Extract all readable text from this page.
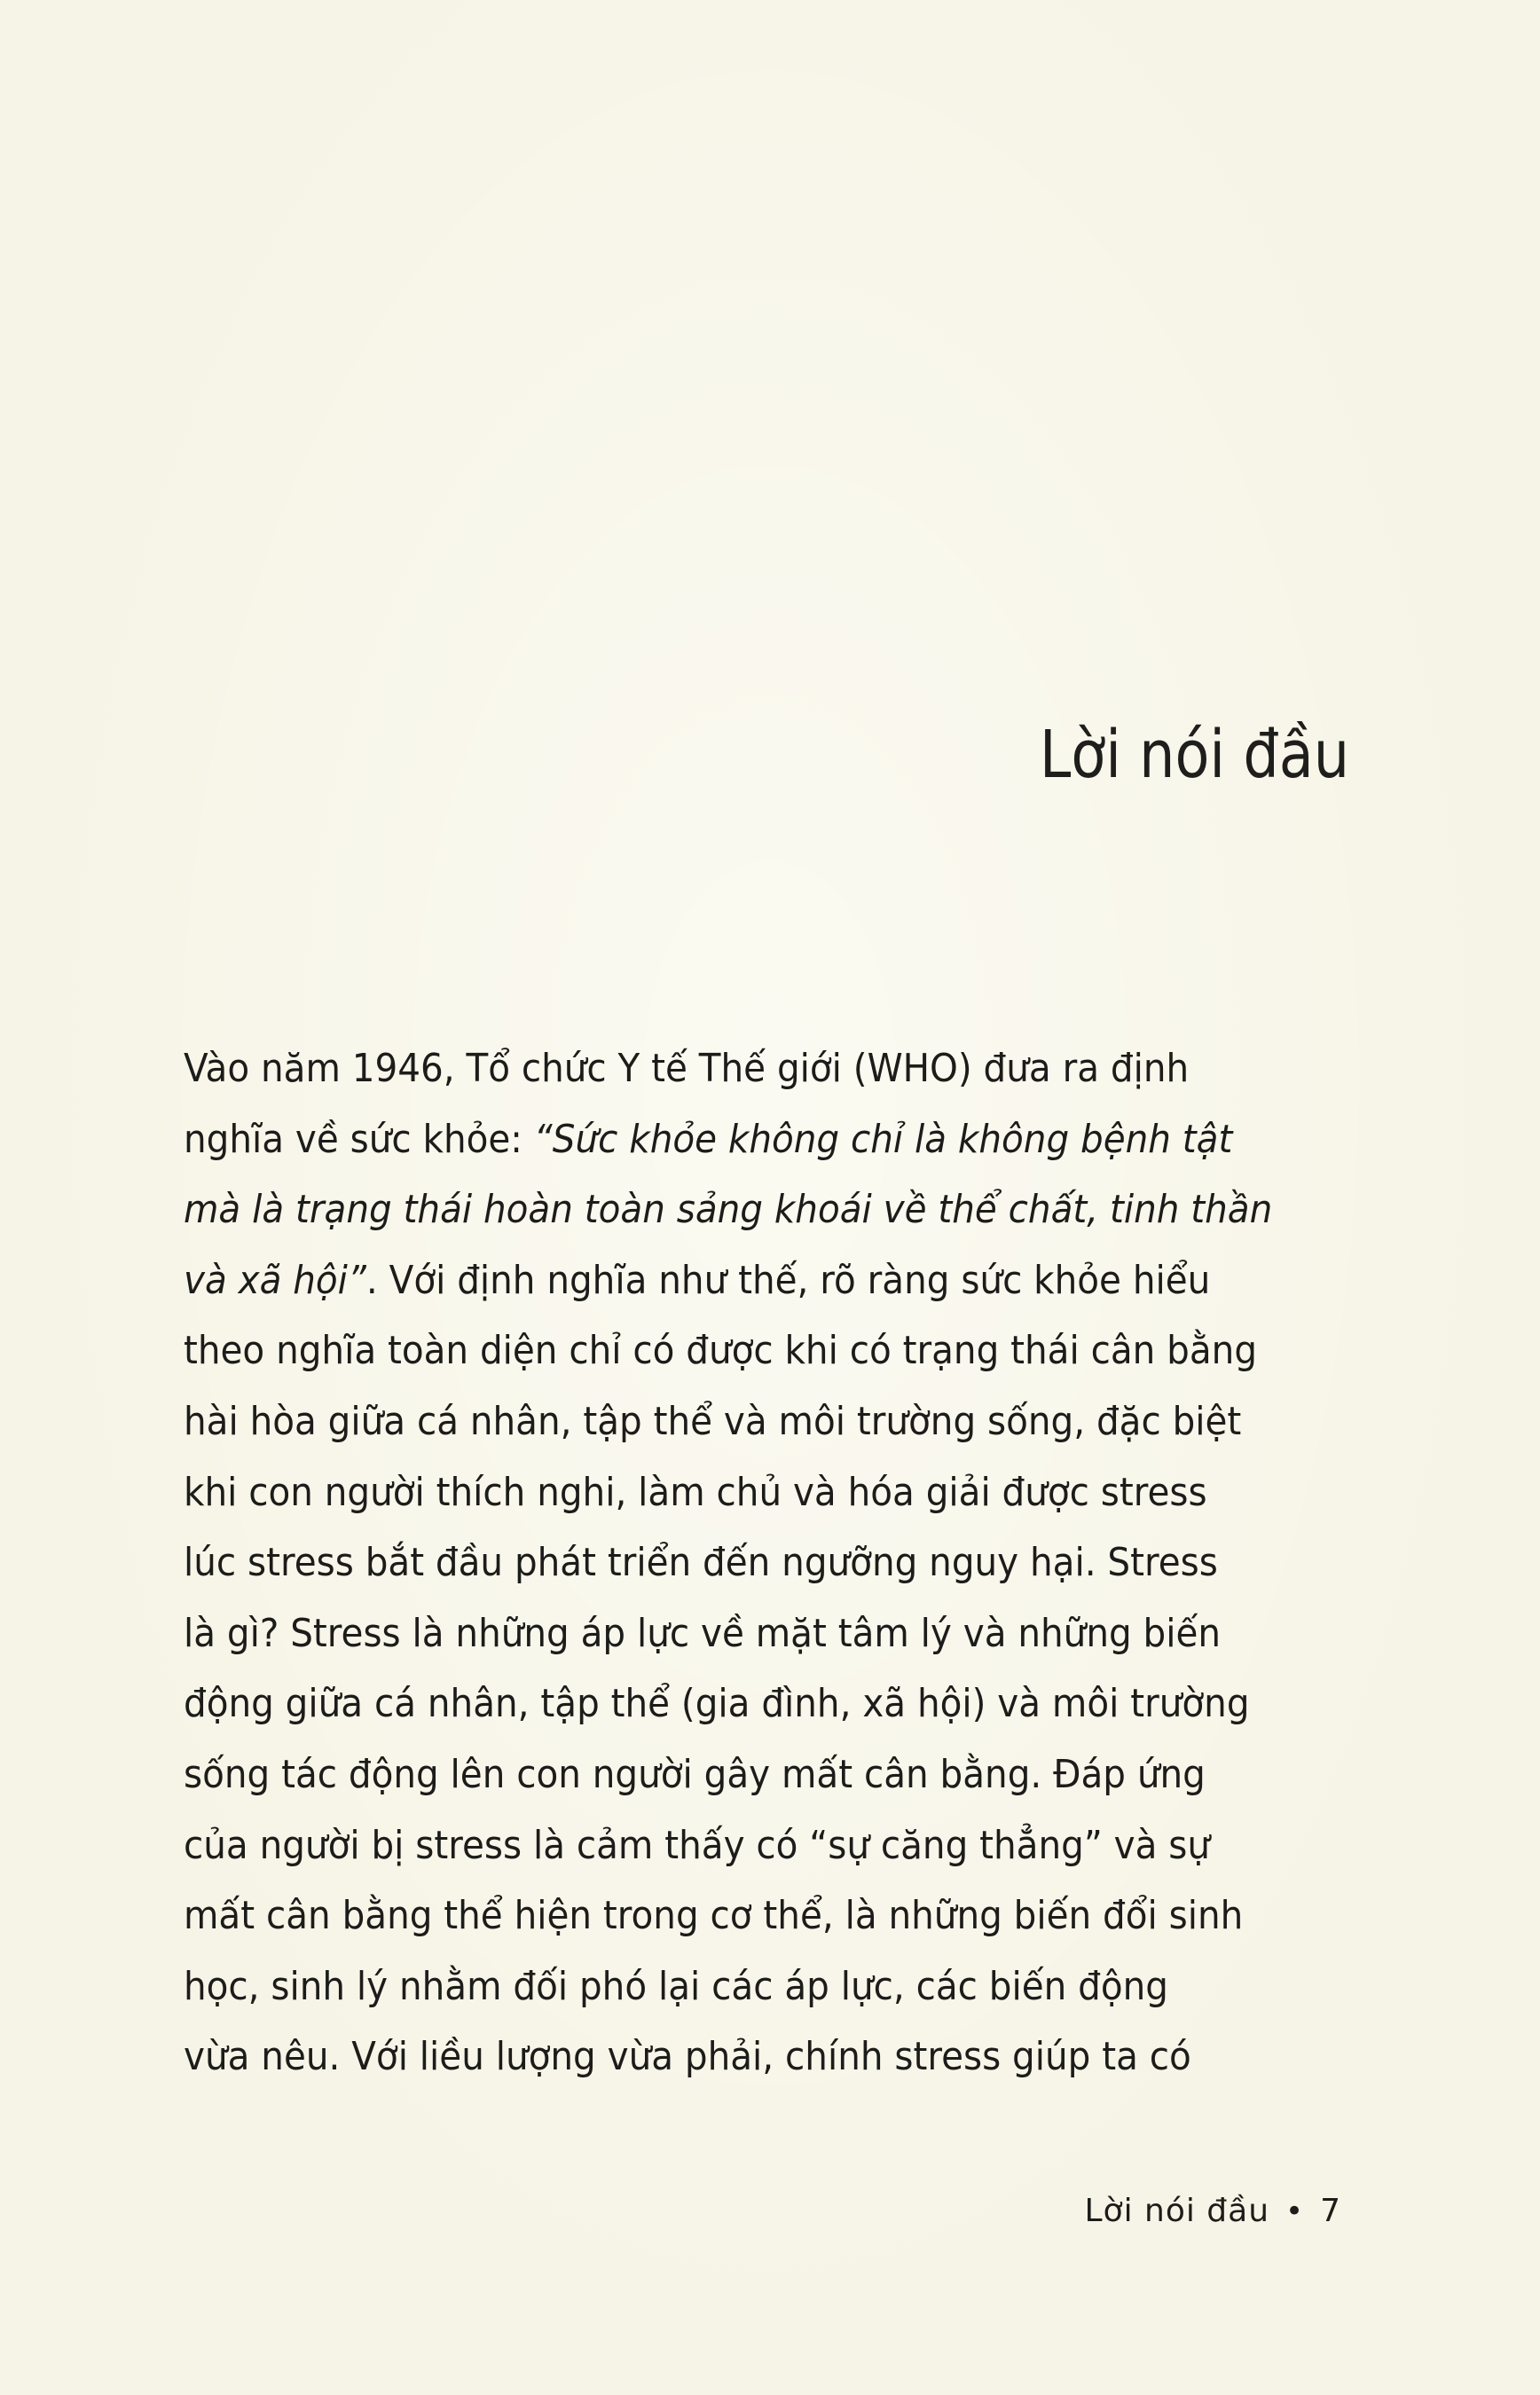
Lời nói đầu
Vào năm 1946, Tổ chức Y tế Thế giới (WHO) đưa ra định
nghĩa về sức khỏe: “Sức khỏe không chỉ là không bệnh tật
mà là trạng thái hoàn toàn sảng khoái về thể chất, tinh thần
và xã hội”. Với định nghĩa như thế, rõ ràng sức khỏe hiểu
theo nghĩa toàn diện chỉ có được khi có trạng thái cân bằng
hài hòa giữa cá nhân, tập thể và môi trường sống, đặc biệt
khi con người thích nghi, làm chủ và hóa giải được stress
lúc stress bắt đầu phát triển đến ngưỡng nguy hại. Stress
là gì? Stress là những áp lực về mặt tâm lý và những biến
động giữa cá nhân, tập thể (gia đình, xã hội) và môi trường
sống tác động lên con người gây mất cân bằng. Đáp ứng
của người bị stress là cảm thấy có “sự căng thẳng” và sự
mất cân bằng thể hiện trong cơ thể, là những biến đổi sinh
học, sinh lý nhằm đối phó lại các áp lực, các biến động
vừa nêu. Với liều lượng vừa phải, chính stress giúp ta có
Lời nói đầu • 7
